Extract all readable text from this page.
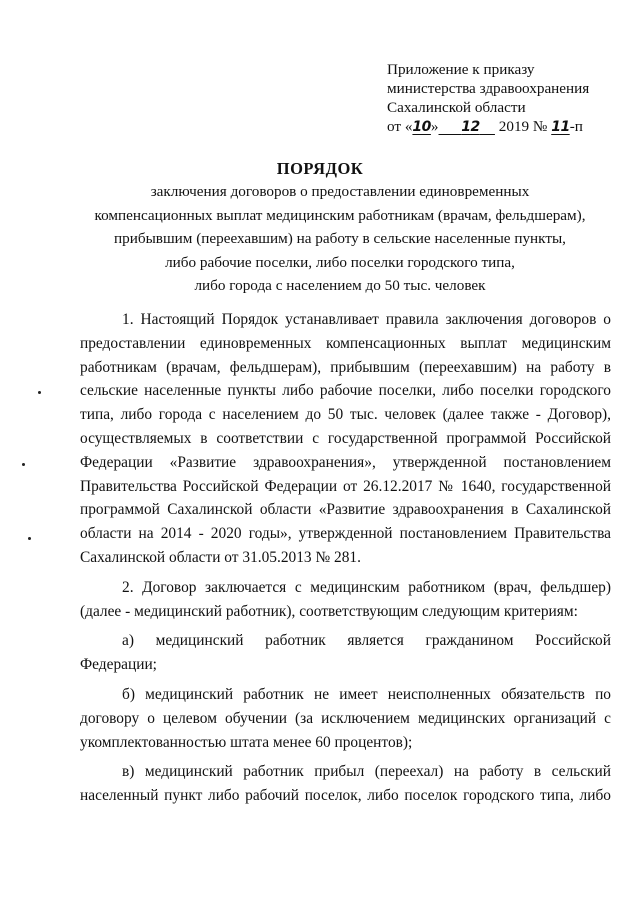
Приложение к приказу
министерства здравоохранения
Сахалинской области
от «10» 12 2019 № 11-п
ПОРЯДОК
заключения договоров о предоставлении единовременных
компенсационных выплат медицинским работникам (врачам, фельдшерам),
прибывшим (переехавшим) на работу в сельские населенные пункты,
либо рабочие поселки, либо поселки городского типа,
либо города с населением до 50 тыс. человек
1. Настоящий Порядок устанавливает правила заключения договоров о
предоставлении единовременных компенсационных выплат медицинским
работникам (врачам, фельдшерам), прибывшим (переехавшим) на работу в
сельские населенные пункты либо рабочие поселки, либо поселки городского
типа, либо города с населением до 50 тыс. человек (далее также - Договор),
осуществляемых в соответствии с государственной программой Российской
Федерации «Развитие здравоохранения», утвержденной постановлением
Правительства Российской Федерации от 26.12.2017 № 1640, государственной
программой Сахалинской области «Развитие здравоохранения в Сахалинской
области на 2014 - 2020 годы», утвержденной постановлением Правительства
Сахалинской области от 31.05.2013 № 281.
2. Договор заключается с медицинским работником (врач, фельдшер)
(далее - медицинский работник), соответствующим следующим критериям:
а) медицинский работник является гражданином Российской
Федерации;
б) медицинский работник не имеет неисполненных обязательств по
договору о целевом обучении (за исключением медицинских организаций с
укомплектованностью штата менее 60 процентов);
в) медицинский работник прибыл (переехал) на работу в сельский
населенный пункт либо рабочий поселок, либо поселок городского типа, либо
